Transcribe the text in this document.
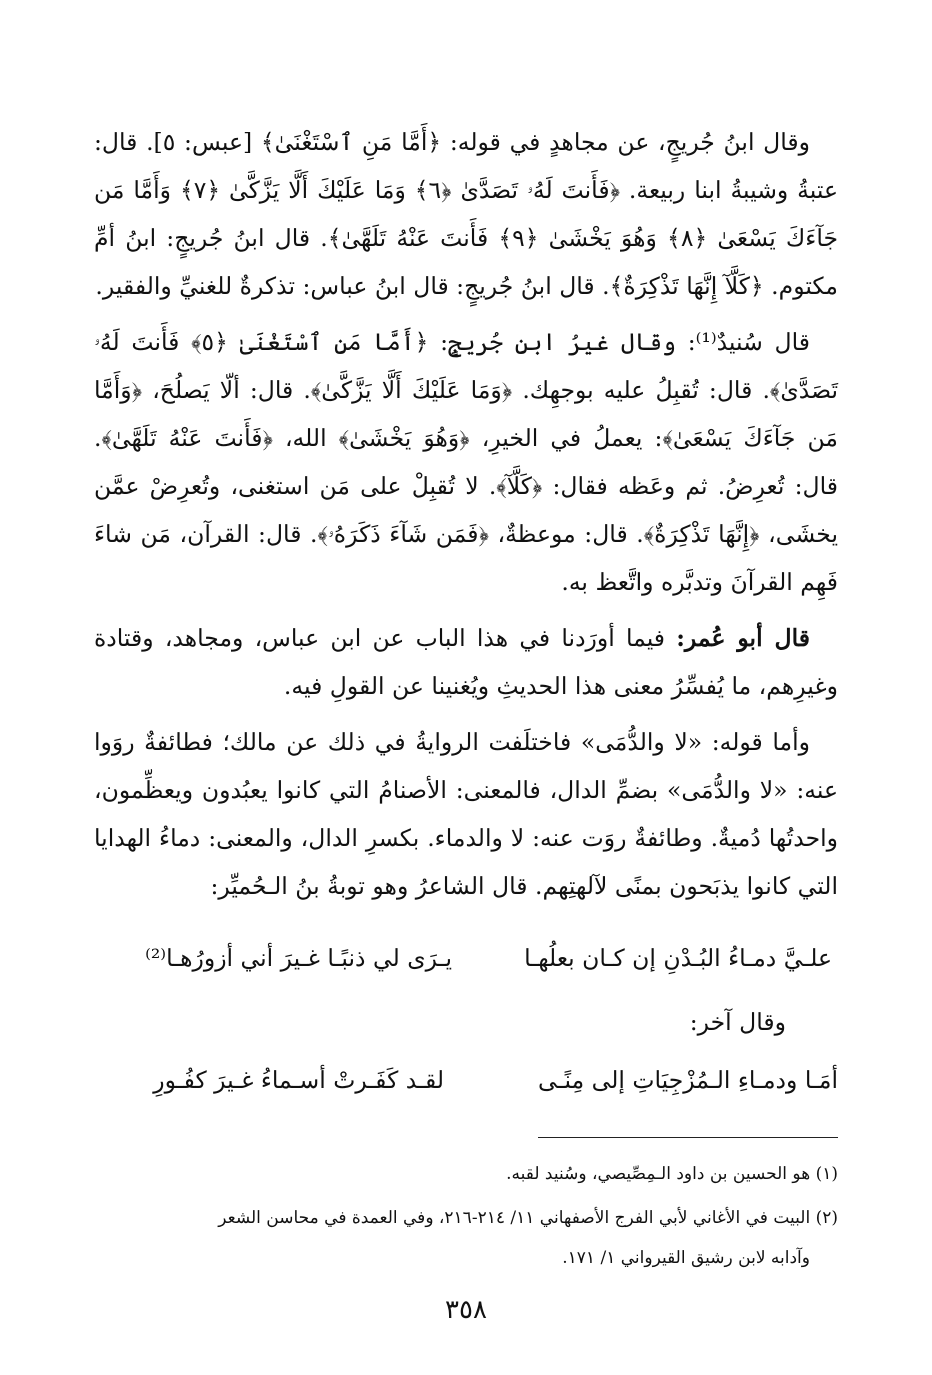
وقال ابنُ جُريجٍ، عن مجاهدٍ في قوله: ﴿أَمَّا مَنِ ٱسْتَغْنَىٰ﴾ [عبس: ٥]. قال: عتبةُ وشيبةُ ابنا ربيعة. ﴿فَأَنتَ لَهُۥ تَصَدَّىٰ ﴿٦﴾ وَمَا عَلَيْكَ أَلَّا يَزَّكَّىٰ ﴿٧﴾ وَأَمَّا مَن جَآءَكَ يَسْعَىٰ ﴿٨﴾ وَهُوَ يَخْشَىٰ ﴿٩﴾ فَأَنتَ عَنْهُ تَلَهَّىٰ﴾. قال ابنُ جُريجٍ: ابنُ أمِّ مكتوم. ﴿كَلَّآ إِنَّهَا تَذْكِرَةٌ﴾. قال ابنُ جُريجٍ: قال ابنُ عباس: تذكرةٌ للغنيِّ والفقير.

قال سُنيدٌ⁽¹⁾: وقال غيرُ ابنِ جُريجٍ: ﴿أَمَّا مَنِ ٱسْتَغْنَىٰ ﴿٥﴾ فَأَنتَ لَهُۥ تَصَدَّىٰ﴾. قال: تُقبِلُ عليه بوجهِك. ﴿وَمَا عَلَيْكَ أَلَّا يَزَّكَّىٰ﴾. قال: ألّا يَصلُحَ، ﴿وَأَمَّا مَن جَآءَكَ يَسْعَىٰ﴾: يعملُ في الخيرِ، ﴿وَهُوَ يَخْشَىٰ﴾ الله، ﴿فَأَنتَ عَنْهُ تَلَهَّىٰ﴾. قال: تُعرِضُ. ثم وعَظه فقال: ﴿كَلَّآ﴾. لا تُقبِلْ على مَن استغنى، وتُعرِضْ عمَّن يخشَى، ﴿إِنَّهَا تَذْكِرَةٌ﴾. قال: موعظةٌ، ﴿فَمَن شَآءَ ذَكَرَهُۥ﴾. قال: القرآن، مَن شاءَ فَهِم القرآنَ وتدبَّره واتَّعظ به.

قال أبو عُمر: فيما أورَدنا في هذا الباب عن ابن عباس، ومجاهد، وقتادة وغيرِهم، ما يُفسِّرُ معنى هذا الحديثِ ويُغنينا عن القولِ فيه.

وأما قوله: «لا والدُّمَى» فاختلَفت الروايةُ في ذلك عن مالك؛ فطائفةٌ روَوا عنه: «لا والدُّمَى» بضمِّ الدال، فالمعنى: الأصنامُ التي كانوا يعبُدون ويعظِّمون، واحدتُها دُميةٌ. وطائفةٌ روَت عنه: لا والدماء. بكسرِ الدال، والمعنى: دماءُ الهدايا التي كانوا يذبَحون بمنًى لآلهتِهم. قال الشاعرُ وهو توبةُ بنُ الـحُميِّر:

علـيَّ دمـاءُ البُـدْنِ إن كـان بعلُهـا
يـرَى لي ذنبًـا غـيرَ أني أزورُهـا⁽²⁾
وقال آخر:
أمَـا ودمـاءِ الـمُزْجِيَاتِ إلى مِنًـى
لقـد كَفَـرتْ أسـماءُ غـيرَ كفُـورِ

(١) هو الحسين بن داود الـمِصِّيصي، وسُنيد لقبه.

(٢) البيت في الأغاني لأبي الفرج الأصفهاني ١١/ ٢١٤-٢١٦، وفي العمدة في محاسن الشعر

وآدابه لابن رشيق القيرواني ١/ ١٧١.

٣٥٨
